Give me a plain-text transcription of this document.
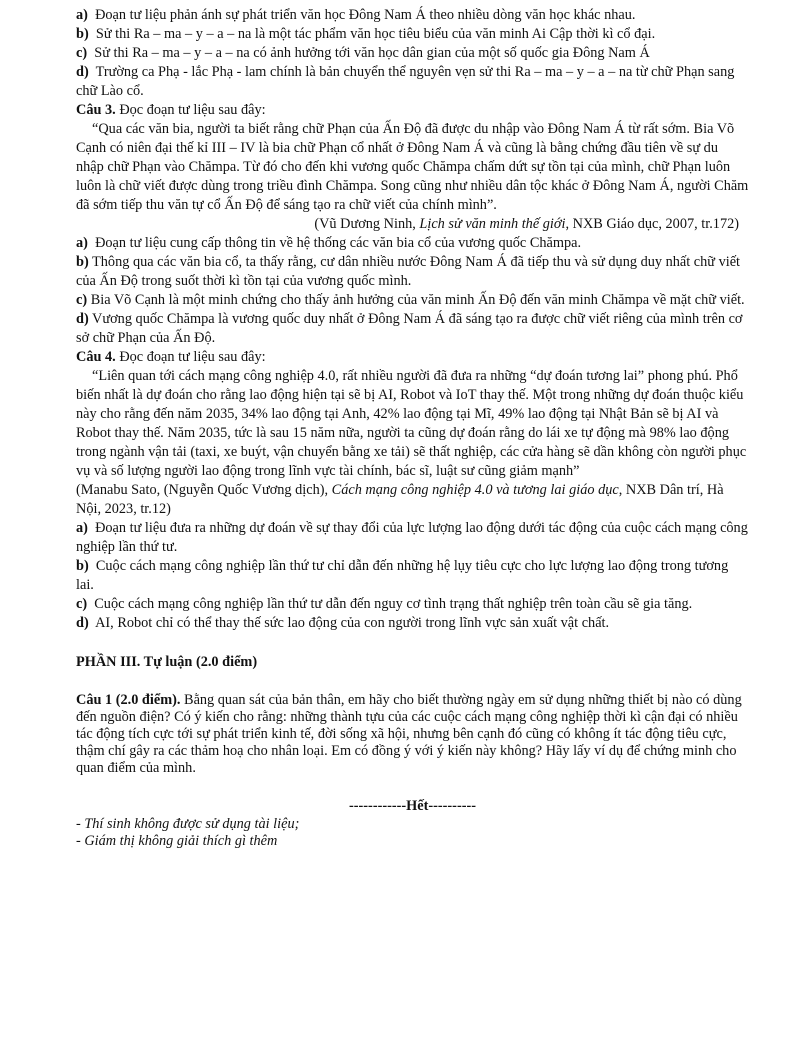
a) Đoạn tư liệu phản ánh sự phát triển văn học Đông Nam Á theo nhiều dòng văn học khác nhau.

b) Sử thi Ra – ma – y – a – na là một tác phẩm văn học tiêu biểu của văn minh Ai Cập thời kì cổ đại.

c) Sử thi Ra – ma – y – a – na có ảnh hưởng tới văn học dân gian của một số quốc gia Đông Nam Á

d) Trường ca Phạ - lắc Phạ - lam chính là bản chuyển thể nguyên vẹn sử thi Ra – ma – y – a – na từ chữ Phạn sang chữ Lào cổ.

Câu 3. Đọc đoạn tư liệu sau đây:

“Qua các văn bia, người ta biết rằng chữ Phạn của Ấn Độ đã được du nhập vào Đông Nam Á từ rất sớm. Bia Võ Cạnh có niên đại thế kỉ III – IV là bia chữ Phạn cổ nhất ở Đông Nam Á và cũng là bằng chứng đầu tiên về sự du nhập chữ Phạn vào Chămpa. Từ đó cho đến khi vương quốc Chămpa chấm dứt sự tồn tại của mình, chữ Phạn luôn luôn là chữ viết được dùng trong triều đình Chămpa. Song cũng như nhiều dân tộc khác ở Đông Nam Á, người Chăm đã sớm tiếp thu văn tự cổ Ấn Độ để sáng tạo ra chữ viết của chính mình”.

(Vũ Dương Ninh, Lịch sử văn minh thế giới, NXB Giáo dục, 2007, tr.172)

a) Đoạn tư liệu cung cấp thông tin về hệ thống các văn bia cổ của vương quốc Chămpa.

b) Thông qua các văn bia cổ, ta thấy rằng, cư dân nhiều nước Đông Nam Á đã tiếp thu và sử dụng duy nhất chữ viết của Ấn Độ trong suốt thời kì tồn tại của vương quốc mình.

c) Bia Võ Cạnh là một minh chứng cho thấy ảnh hưởng của văn minh Ấn Độ đến văn minh Chămpa về mặt chữ viết.

d) Vương quốc Chămpa là vương quốc duy nhất ở Đông Nam Á đã sáng tạo ra được chữ viết riêng của mình trên cơ sở chữ Phạn của Ấn Độ.

Câu 4. Đọc đoạn tư liệu sau đây:

“Liên quan tới cách mạng công nghiệp 4.0, rất nhiều người đã đưa ra những “dự đoán tương lai” phong phú. Phổ biến nhất là dự đoán cho rằng lao động hiện tại sẽ bị AI, Robot và IoT thay thế. Một trong những dự đoán thuộc kiểu này cho rằng đến năm 2035, 34% lao động tại Anh, 42% lao động tại Mĩ, 49% lao động tại Nhật Bản sẽ bị AI và Robot thay thế. Năm 2035, tức là sau 15 năm nữa, người ta cũng dự đoán rằng do lái xe tự động mà 98% lao động trong ngành vận tải (taxi, xe buýt, vận chuyển bằng xe tải) sẽ thất nghiệp, các cửa hàng sẽ dần không còn người phục vụ và số lượng người lao động trong lĩnh vực tài chính, bác sĩ, luật sư cũng giảm mạnh”

(Manabu Sato, (Nguyễn Quốc Vương dịch), Cách mạng công nghiệp 4.0 và tương lai giáo dục, NXB Dân trí, Hà Nội, 2023, tr.12)

a) Đoạn tư liệu đưa ra những dự đoán về sự thay đổi của lực lượng lao động dưới tác động của cuộc cách mạng công nghiệp lần thứ tư.

b) Cuộc cách mạng công nghiệp lần thứ tư chỉ dẫn đến những hệ lụy tiêu cực cho lực lượng lao động trong tương lai.

c) Cuộc cách mạng công nghiệp lần thứ tư dẫn đến nguy cơ tình trạng thất nghiệp trên toàn cầu sẽ gia tăng.

d) AI, Robot chỉ có thể thay thế sức lao động của con người trong lĩnh vực sản xuất vật chất.

PHẦN III. Tự luận (2.0 điểm)

Câu 1 (2.0 điểm). Bằng quan sát của bản thân, em hãy cho biết thường ngày em sử dụng những thiết bị nào có dùng đến nguồn điện? Có ý kiến cho rằng: những thành tựu của các cuộc cách mạng công nghiệp thời kì cận đại có nhiều tác động tích cực tới sự phát triển kinh tế, đời sống xã hội, nhưng bên cạnh đó cũng có không ít tác động tiêu cực, thậm chí gây ra các thảm hoạ cho nhân loại. Em có đồng ý với ý kiến này không? Hãy lấy ví dụ để chứng minh cho quan điểm của mình.

------------Hết----------

- Thí sinh không được sử dụng tài liệu;

- Giám thị không giải thích gì thêm
